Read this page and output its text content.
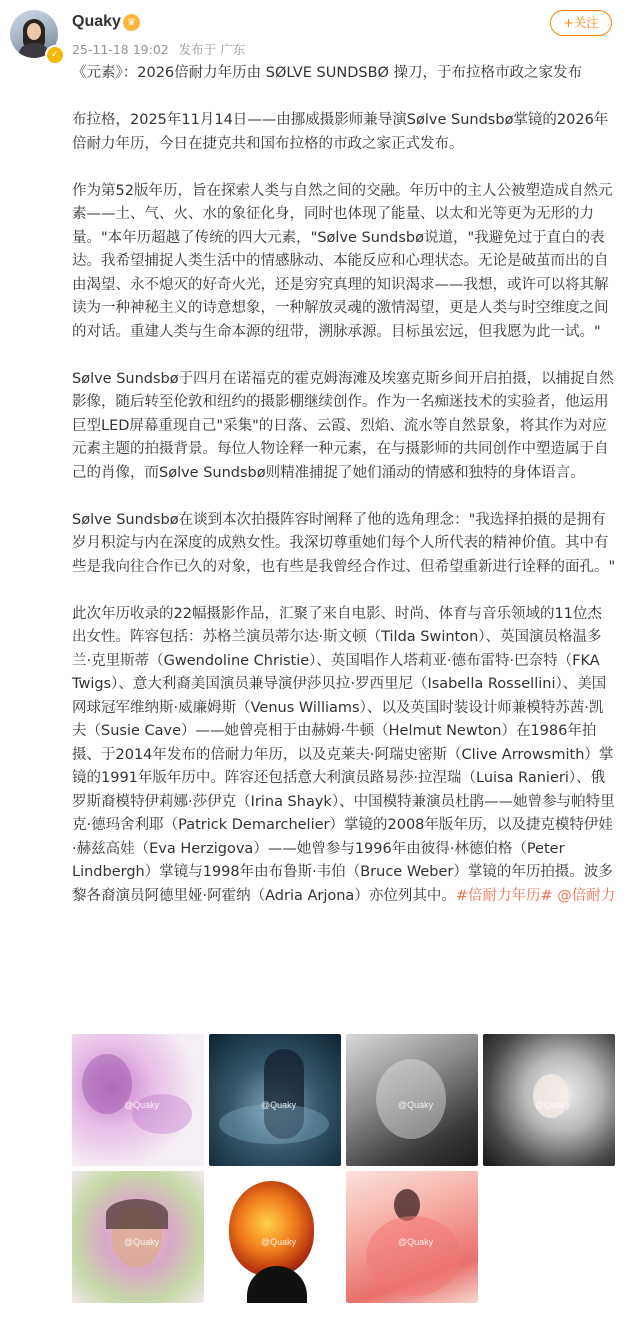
✓
Quaky ♛
25-11-18 19:02 发布于 广东
+关注

《元素》：2026倍耐力年历由 SØLVE SUNDSBØ 操刀，于布拉格市政之家发布

布拉格，2025年11月14日——由挪威摄影师兼导演Sølve Sundsbø掌镜的2026年倍耐力年历，今日在捷克共和国布拉格的市政之家正式发布。

作为第52版年历，旨在探索人类与自然之间的交融。年历中的主人公被塑造成自然元素——土、气、火、水的象征化身，同时也体现了能量、以太和光等更为无形的力量。"本年历超越了传统的四大元素，"Sølve Sundsbø说道，"我避免过于直白的表达。我希望捕捉人类生活中的情感脉动、本能反应和心理状态。无论是破茧而出的自由渴望、永不熄灭的好奇火光，还是穷究真理的知识渴求——我想，或许可以将其解读为一种神秘主义的诗意想象，一种解放灵魂的激情渴望，更是人类与时空维度之间的对话。重建人类与生命本源的纽带，溯脉承源。目标虽宏远，但我愿为此一试。"

Sølve Sundsbø于四月在诺福克的霍克姆海滩及埃塞克斯乡间开启拍摄，以捕捉自然影像，随后转至伦敦和纽约的摄影棚继续创作。作为一名痴迷技术的实验者，他运用巨型LED屏幕重现自己"采集"的日落、云霞、烈焰、流水等自然景象，将其作为对应元素主题的拍摄背景。每位人物诠释一种元素，在与摄影师的共同创作中塑造属于自己的肖像，而Sølve Sundsbø则精准捕捉了她们涌动的情感和独特的身体语言。

Sølve Sundsbø在谈到本次拍摄阵容时阐释了他的选角理念："我选择拍摄的是拥有岁月积淀与内在深度的成熟女性。我深切尊重她们每个人所代表的精神价值。其中有些是我向往合作已久的对象，也有些是我曾经合作过、但希望重新进行诠释的面孔。"

此次年历收录的22幅摄影作品，汇聚了来自电影、时尚、体育与音乐领域的11位杰出女性。阵容包括：苏格兰演员蒂尔达·斯文顿（Tilda Swinton）、英国演员格温多兰·克里斯蒂（Gwendoline Christie）、英国唱作人塔莉亚·德布雷特·巴奈特（FKA Twigs）、意大利裔美国演员兼导演伊莎贝拉·罗西里尼（Isabella Rossellini）、美国网球冠军维纳斯·威廉姆斯（Venus Williams）、以及英国时装设计师兼模特苏茜·凯夫（Susie Cave）——她曾亮相于由赫姆·牛顿（Helmut Newton）在1986年拍摄、于2014年发布的倍耐力年历，以及克莱夫·阿瑞史密斯（Clive Arrowsmith）掌镜的1991年版年历中。阵容还包括意大利演员路易莎·拉涅瑞（Luisa Ranieri）、俄罗斯裔模特伊莉娜·莎伊克（Irina Shayk）、中国模特兼演员杜鹃——她曾参与帕特里克·德玛舍利耶（Patrick Demarchelier）掌镜的2008年版年历，以及捷克模特伊娃·赫兹高娃（Eva Herzigova）——她曾参与1996年由彼得·林德伯格（Peter Lindbergh）掌镜与1998年由布鲁斯·韦伯（Bruce Weber）掌镜的年历拍摄。波多黎各裔演员阿德里娅·阿霍纳（Adria Arjona）亦位列其中。#倍耐力年历# @倍耐力

@Quaky	@Quaky	@Quaky	@Quaky
@Quaky	@Quaky	@Quaky
